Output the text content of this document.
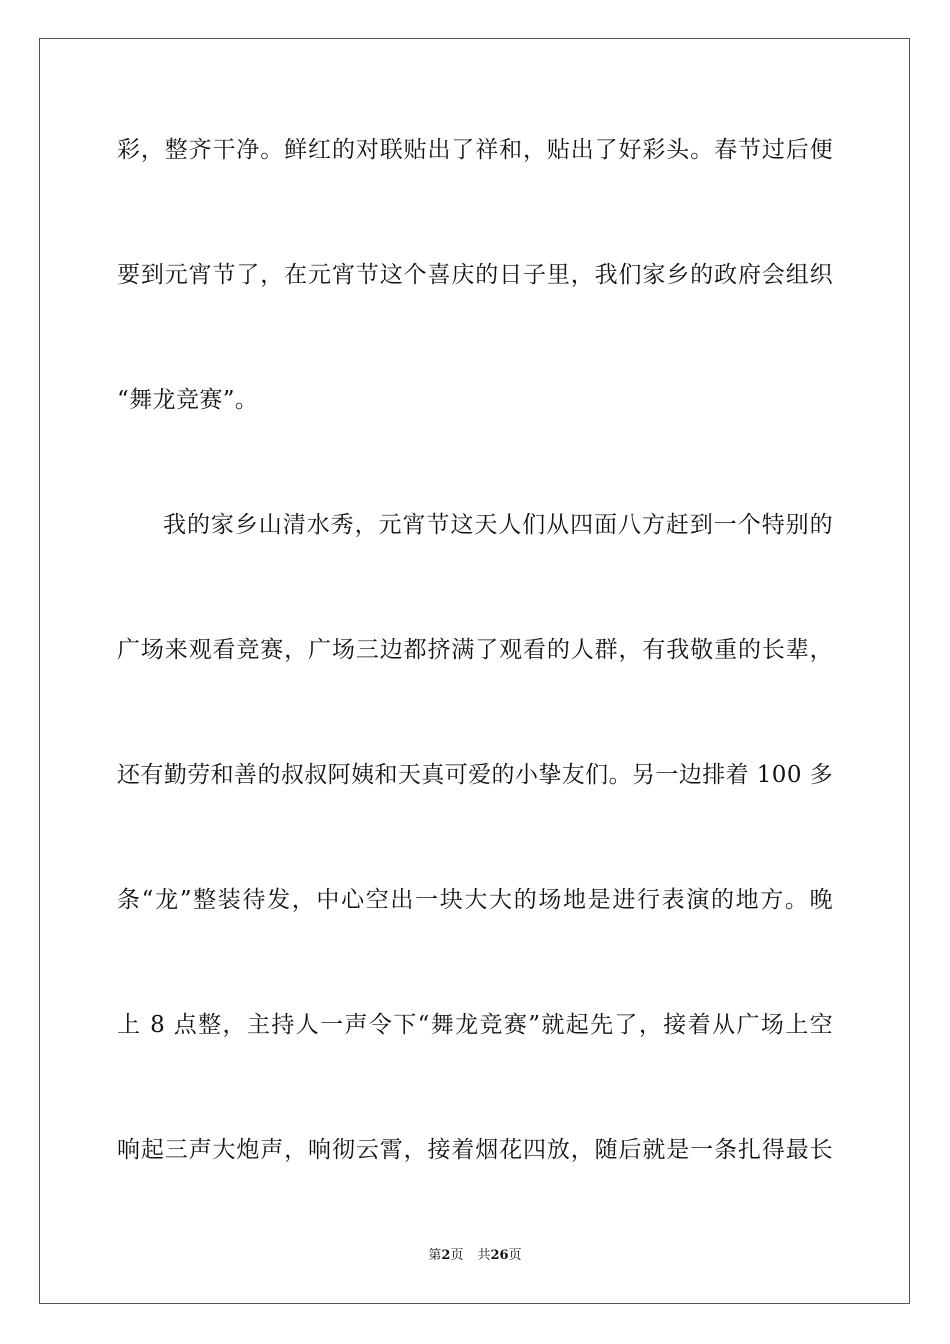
彩，整齐干净。鲜红的对联贴出了祥和，贴出了好彩头。春节过后便
要到元宵节了，在元宵节这个喜庆的日子里，我们家乡的政府会组织
“舞龙竞赛”。
我的家乡山清水秀，元宵节这天人们从四面八方赶到一个特别的
广场来观看竞赛，广场三边都挤满了观看的人群，有我敬重的长辈，
还有勤劳和善的叔叔阿姨和天真可爱的小挚友们。另一边排着 100 多
条“龙”整装待发，中心空出一块大大的场地是进行表演的地方。晚
上 8 点整，主持人一声令下“舞龙竞赛”就起先了，接着从广场上空
响起三声大炮声，响彻云霄，接着烟花四放，随后就是一条扎得最长
第2页 共26页
